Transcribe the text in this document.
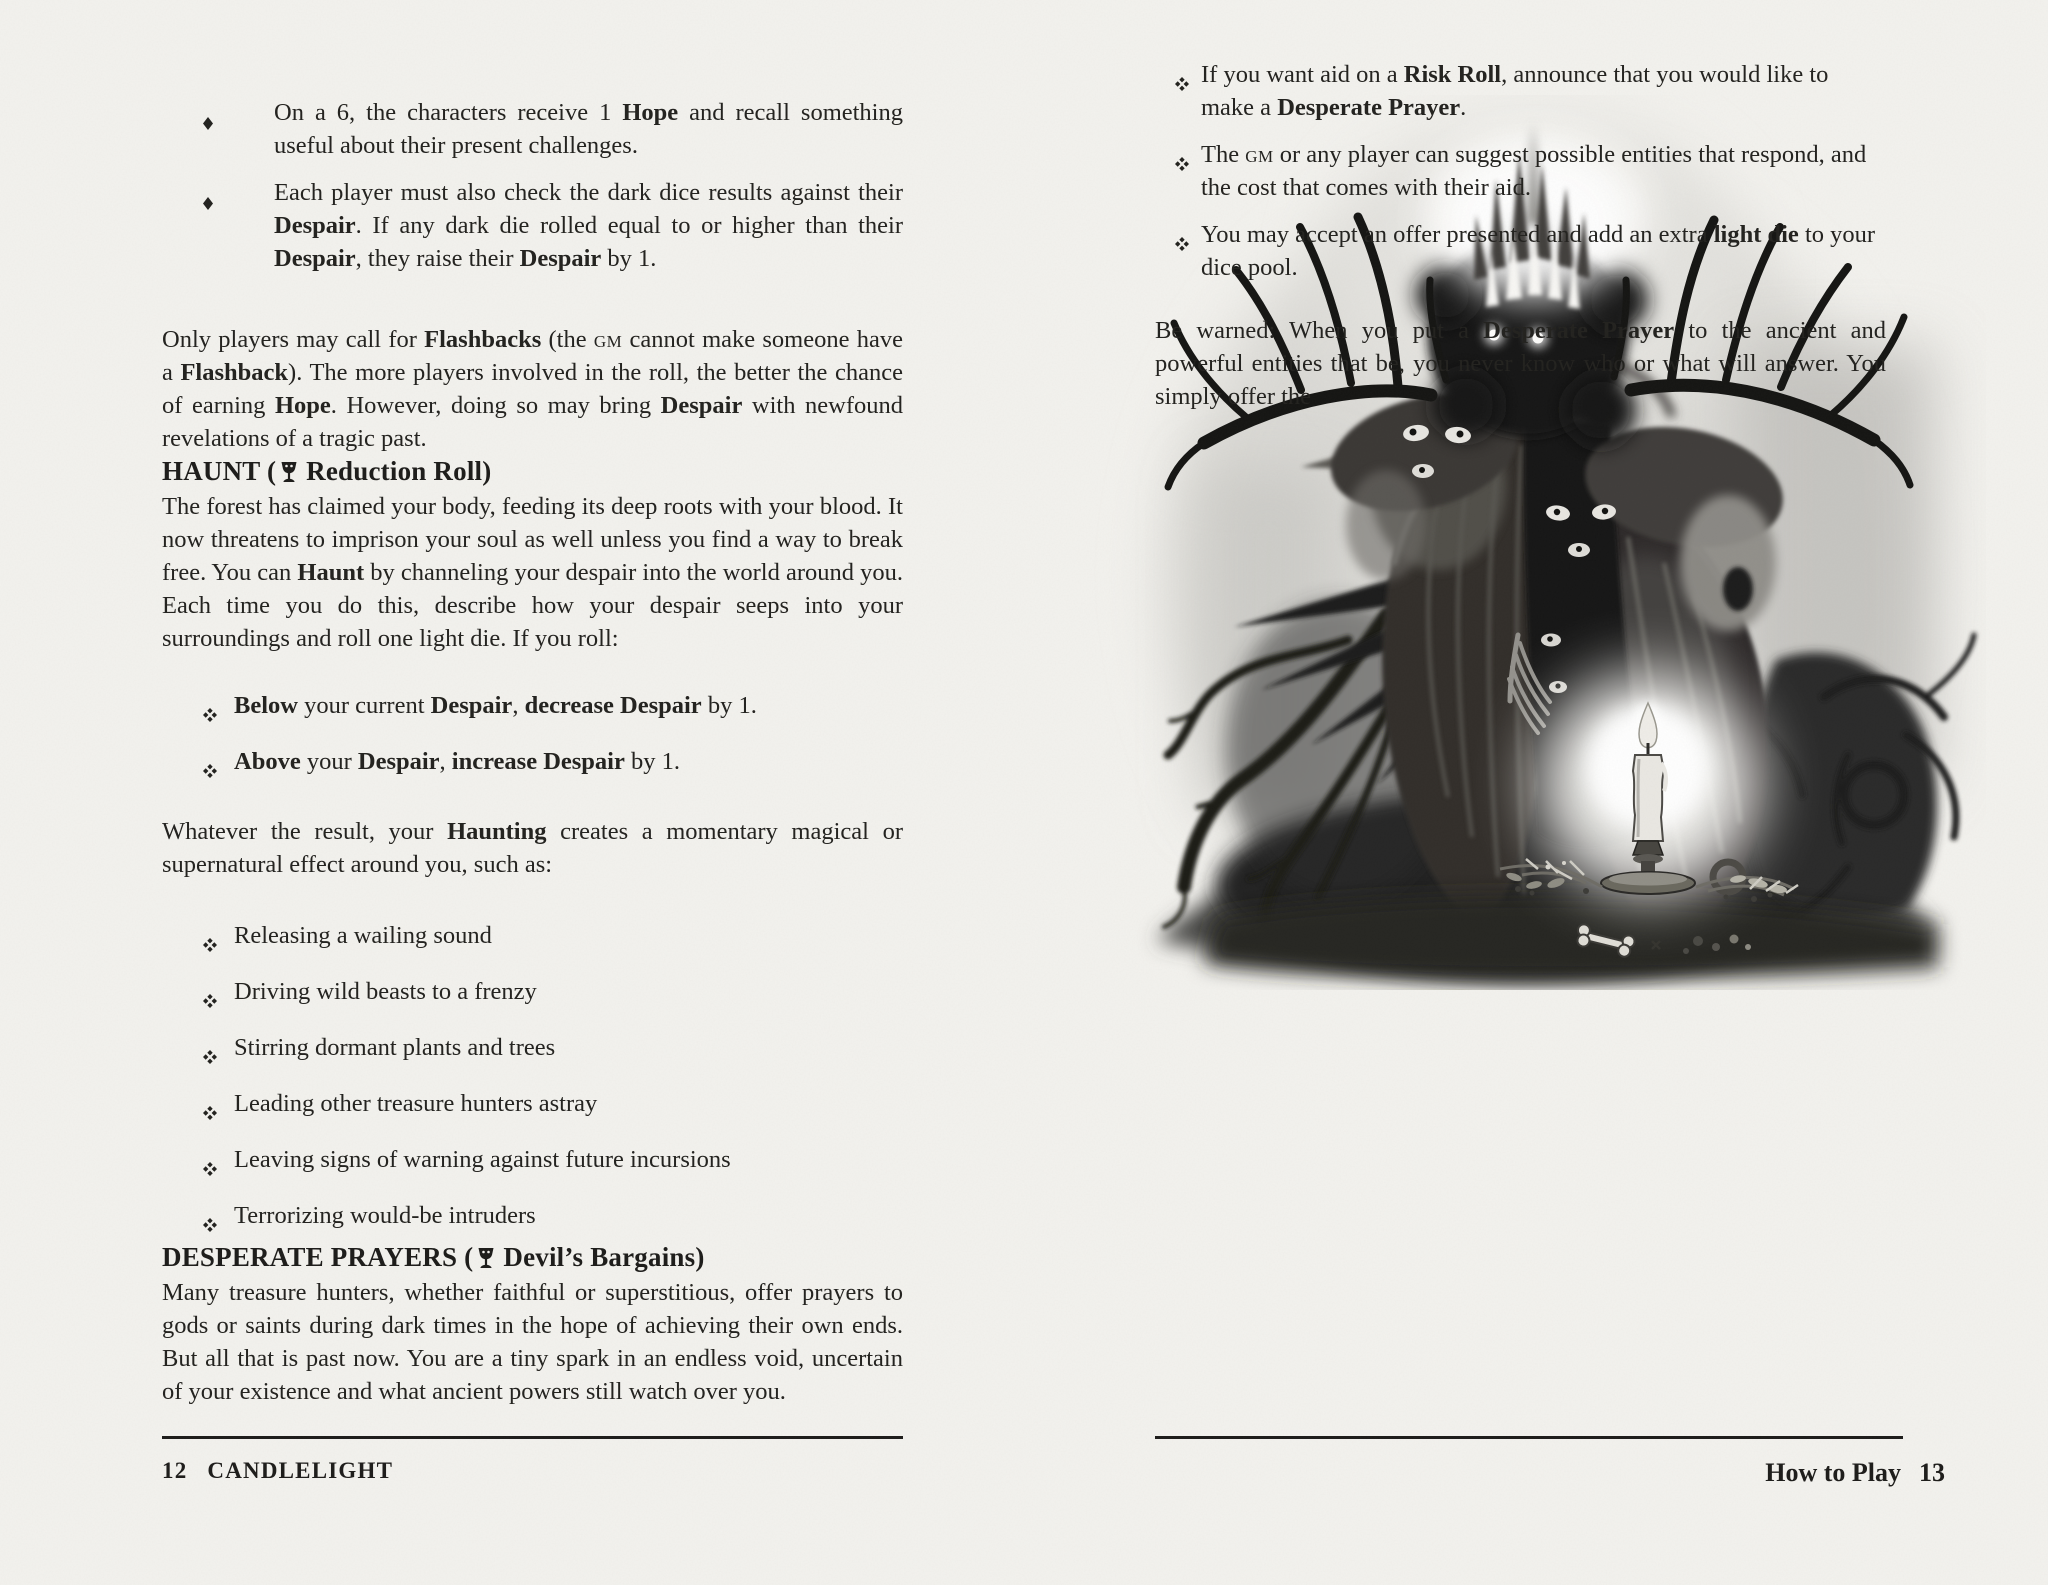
On a 6, the characters receive 1 Hope and recall something useful about their present challenges.
Each player must also check the dark dice results against their Despair. If any dark die rolled equal to or higher than their Despair, they raise their Despair by 1.

Only players may call for Flashbacks (the GM cannot make someone have a Flashback). The more players involved in the roll, the better the chance of earning Hope. However, doing so may bring Despair with newfound revelations of a tragic past.

HAUNT ( Reduction Roll)

The forest has claimed your body, feeding its deep roots with your blood. It now threatens to imprison your soul as well unless you find a way to break free. You can Haunt by channeling your despair into the world around you. Each time you do this, describe how your despair seeps into your surroundings and roll one light die. If you roll:

Below your current Despair, decrease Despair by 1.
Above your Despair, increase Despair by 1.

Whatever the result, your Haunting creates a momentary magical or supernatural effect around you, such as:

Releasing a wailing sound
Driving wild beasts to a frenzy
Stirring dormant plants and trees
Leading other treasure hunters astray
Leaving signs of warning against future incursions
Terrorizing would-be intruders
DESPERATE PRAYERS ( Devil’s Bargains)

Many treasure hunters, whether faithful or superstitious, offer prayers to gods or saints during dark times in the hope of achieving their own ends. But all that is past now. You are a tiny spark in an endless void, uncertain of your existence and what ancient powers still watch over you.

12 CANDLELIGHT
If you want aid on a Risk Roll, announce that you would like to make a Desperate Prayer.
The GM or any player can suggest possible entities that respond, and the cost that comes with their aid.
You may accept an offer presented and add an extra light die to your dice pool.

Be warned: When you put a Desperate Prayer to the ancient and powerful entities that be, you never know who or what will answer. You simply offer the

How to Play 13
